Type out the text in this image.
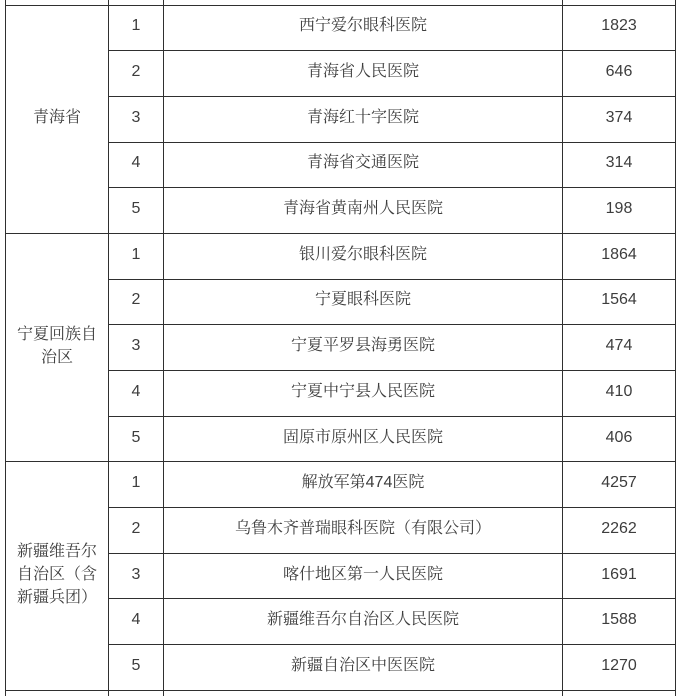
青海省	1	西宁爱尔眼科医院	1823
	2	青海省人民医院	646
	3	青海红十字医院	374
	4	青海省交通医院	314
	5	青海省黄南州人民医院	198
宁夏回族自治区	1	银川爱尔眼科医院	1864
	2	宁夏眼科医院	1564
	3	宁夏平罗县海勇医院	474
	4	宁夏中宁县人民医院	410
	5	固原市原州区人民医院	406
新疆维吾尔自治区（含新疆兵团）	1	解放军第474医院	4257
	2	乌鲁木齐普瑞眼科医院（有限公司）	2262
	3	喀什地区第一人民医院	1691
	4	新疆维吾尔自治区人民医院	1588
	5	新疆自治区中医医院	1270
